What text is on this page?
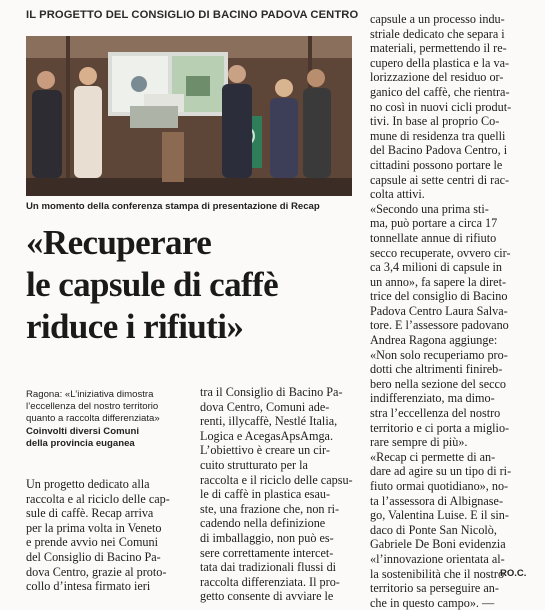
IL PROGETTO DEL CONSIGLIO DI BACINO PADOVA CENTRO
Un momento della conferenza stampa di presentazione di Recap
«Recuperare
le capsule di caffè
riduce i rifiuti»
Ragona: «L’iniziativa dimostra
l’eccellenza del nostro territorio
quanto a raccolta differenziata»
Coinvolti diversi Comuni
della provincia euganea
Un progetto dedicato alla
raccolta e al riciclo delle cap-
sule di caffè. Recap arriva
per la prima volta in Veneto
e prende avvio nei Comuni
del Consiglio di Bacino Pa-
dova Centro, grazie al proto-
collo d’intesa firmato ieri
tra il Consiglio di Bacino Pa-
dova Centro, Comuni ade-
renti, illycaffè, Nestlé Italia,
Logica e AcegasApsAmga.
L’obiettivo è creare un cir-
cuito strutturato per la
raccolta e il riciclo delle capsu-
le di caffè in plastica esau-
ste, una frazione che, non ri-
cadendo nella definizione
di imballaggio, non può es-
sere correttamente intercet-
tata dai tradizionali flussi di
raccolta differenziata. Il pro-
getto consente di avviare le
capsule a un processo indu-
striale dedicato che separa i
materiali, permettendo il re-
cupero della plastica e la va-
lorizzazione del residuo or-
ganico del caffè, che rientra-
no così in nuovi cicli produt-
tivi. In base al proprio Co-
mune di residenza tra quelli
del Bacino Padova Centro, i
cittadini possono portare le
capsule ai sette centri di rac-
colta attivi.
«Secondo una prima sti-
ma, può portare a circa 17
tonnellate annue di rifiuto
secco recuperate, ovvero cir-
ca 3,4 milioni di capsule in
un anno», fa sapere la diret-
trice del consiglio di Bacino
Padova Centro Laura Salva-
tore. E l’assessore padovano
Andrea Ragona aggiunge:
«Non solo recuperiamo pro-
dotti che altrimenti finireb-
bero nella sezione del secco
indifferenziato, ma dimo-
stra l’eccellenza del nostro
territorio e ci porta a miglio-
rare sempre di più».
«Recap ci permette di an-
dare ad agire su un tipo di ri-
fiuto ormai quotidiano», no-
ta l’assessora di Albignase-
go, Valentina Luise. E il sin-
daco di Ponte San Nicolò,
Gabriele De Boni evidenzia
«l’innovazione orientata al-
la sostenibilità che il nostro
territorio sa perseguire an-
che in questo campo». —
RO.C.
